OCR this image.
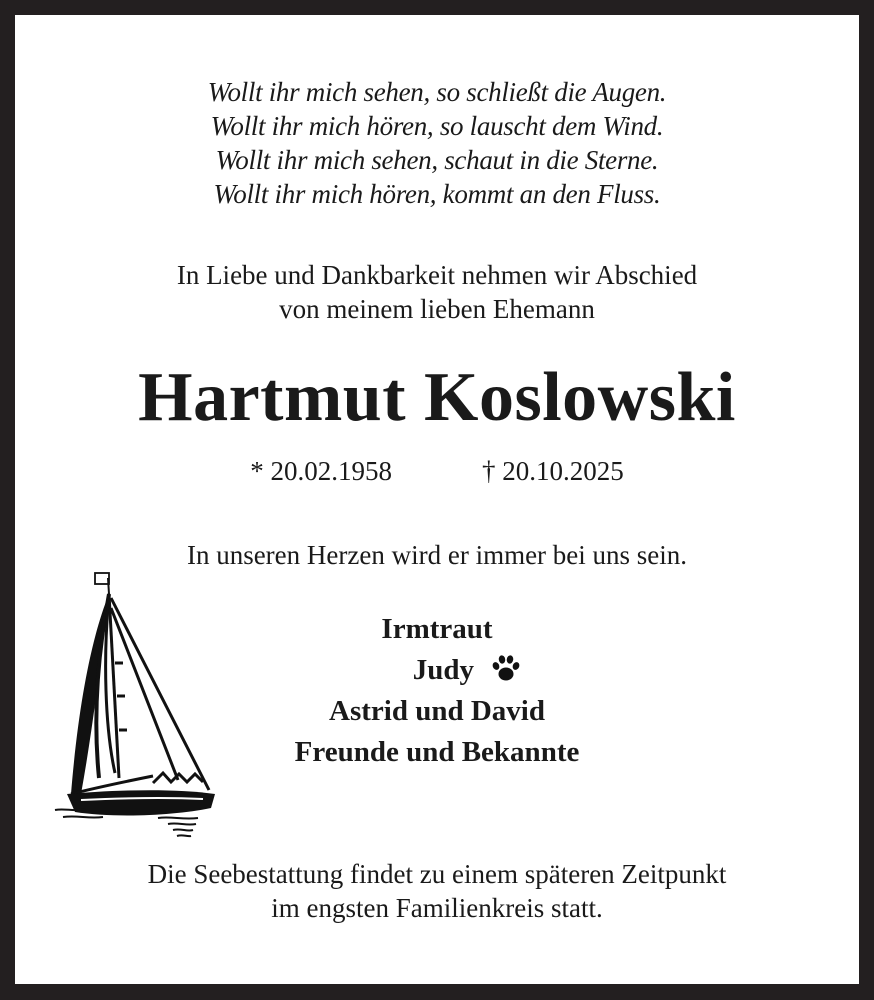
Wollt ihr mich sehen, so schließt die Augen.
Wollt ihr mich hören, so lauscht dem Wind.
Wollt ihr mich sehen, schaut in die Sterne.
Wollt ihr mich hören, kommt an den Fluss.
In Liebe und Dankbarkeit nehmen wir Abschied
von meinem lieben Ehemann
Hartmut Koslowski
* 20.02.1958	† 20.10.2025
In unseren Herzen wird er immer bei uns sein.
Irmtraut
Judy
Astrid und David
Freunde und Bekannte
Die Seebestattung findet zu einem späteren Zeitpunkt
im engsten Familienkreis statt.
